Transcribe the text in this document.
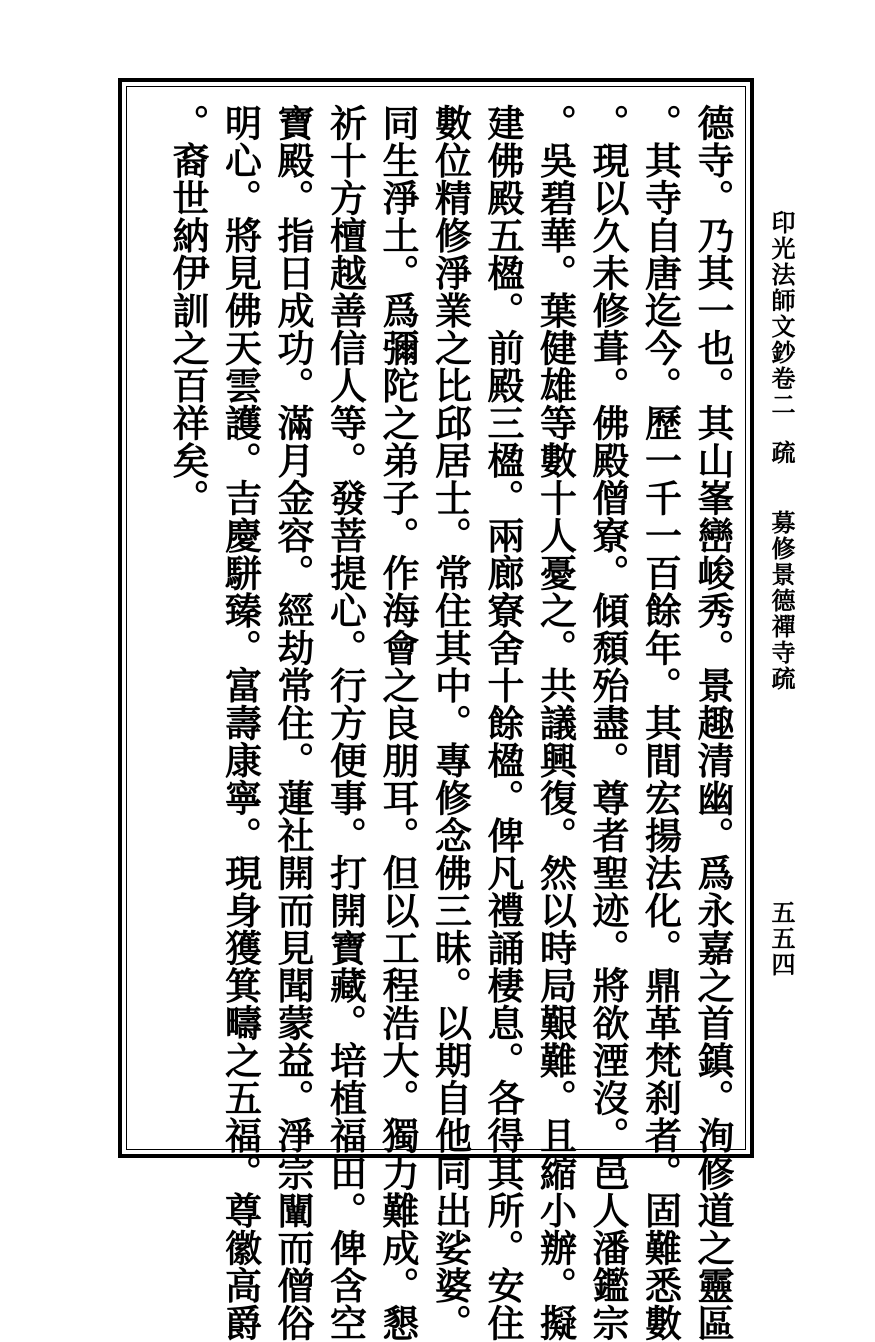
德寺。乃其一也。其山峯巒峻秀。景趣清幽。爲永嘉之首鎮。洵修道之靈區
。其寺自唐迄今。歷一千一百餘年。其間宏揚法化。鼎革梵刹者。固難悉數
。現以久未修葺。佛殿僧寮。傾頹殆盡。尊者聖迹。將欲湮沒。邑人潘鑑宗
。吳碧華。葉健雄等數十人憂之。共議興復。然以時局艱難。且縮小辦。擬
建佛殿五楹。前殿三楹。兩廊寮舍十餘楹。俾凡禮誦棲息。各得其所。安住
數位精修淨業之比邱居士。常住其中。專修念佛三昧。以期自他同出娑婆。
同生淨土。爲彌陀之弟子。作海會之良朋耳。但以工程浩大。獨力難成。懇
祈十方檀越善信人等。發菩提心。行方便事。打開寶藏。培植福田。俾含空
寶殿。指日成功。滿月金容。經劫常住。蓮社開而見聞蒙益。淨宗闡而僧俗
明心。將見佛天雲護。吉慶駢臻。富壽康寧。現身獲箕疇之五福。尊徽高爵
。裔世納伊訓之百祥矣。	印光法師文鈔卷二疏募修景德禪寺疏
五五四
